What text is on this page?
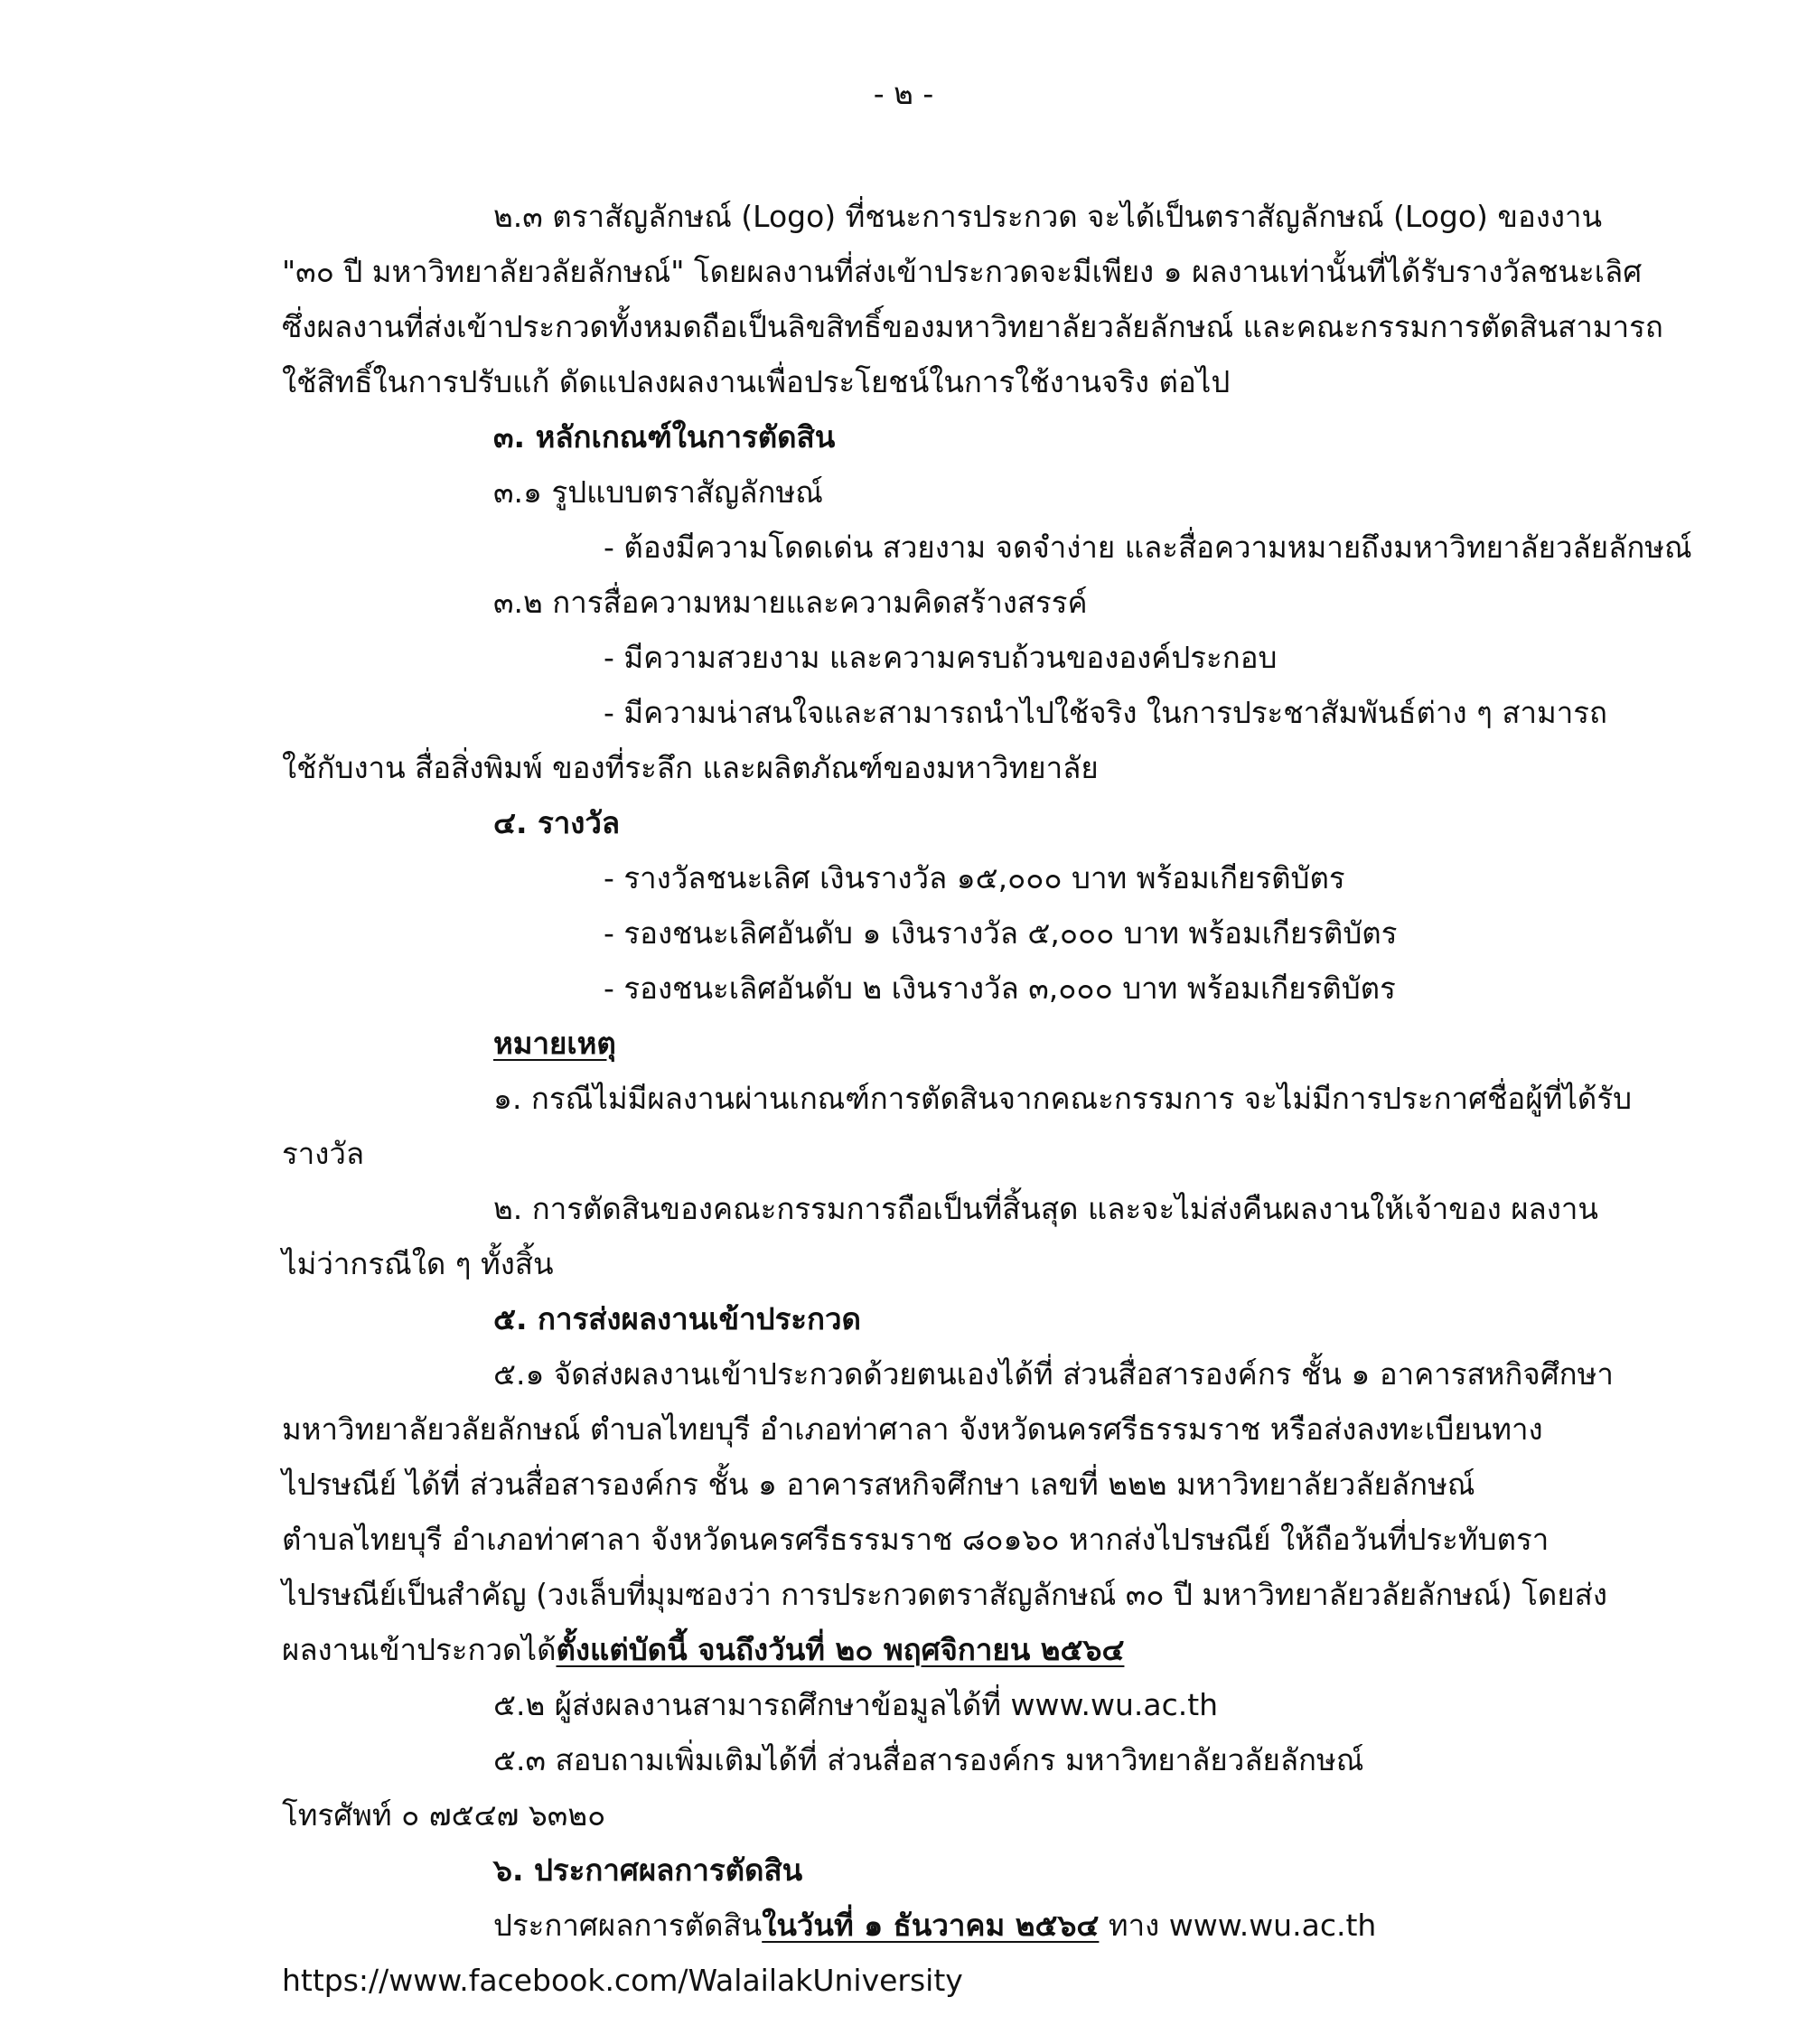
- ๒ -
๒.๓ ตราสัญลักษณ์ (Logo) ที่ชนะการประกวด จะได้เป็นตราสัญลักษณ์ (Logo) ของงาน
"๓๐ ปี มหาวิทยาลัยวลัยลักษณ์" โดยผลงานที่ส่งเข้าประกวดจะมีเพียง ๑ ผลงานเท่านั้นที่ได้รับรางวัลชนะเลิศ
ซึ่งผลงานที่ส่งเข้าประกวดทั้งหมดถือเป็นลิขสิทธิ์ของมหาวิทยาลัยวลัยลักษณ์ และคณะกรรมการตัดสินสามารถ
ใช้สิทธิ์ในการปรับแก้ ดัดแปลงผลงานเพื่อประโยชน์ในการใช้งานจริง ต่อไป
๓. หลักเกณฑ์ในการตัดสิน
๓.๑ รูปแบบตราสัญลักษณ์
- ต้องมีความโดดเด่น สวยงาม จดจำง่าย และสื่อความหมายถึงมหาวิทยาลัยวลัยลักษณ์
๓.๒ การสื่อความหมายและความคิดสร้างสรรค์
- มีความสวยงาม และความครบถ้วนขององค์ประกอบ
- มีความน่าสนใจและสามารถนำไปใช้จริง ในการประชาสัมพันธ์ต่าง ๆ สามารถ
ใช้กับงาน สื่อสิ่งพิมพ์ ของที่ระลึก และผลิตภัณฑ์ของมหาวิทยาลัย
๔. รางวัล
- รางวัลชนะเลิศ เงินรางวัล ๑๕,๐๐๐ บาท พร้อมเกียรติบัตร
- รองชนะเลิศอันดับ ๑ เงินรางวัล ๕,๐๐๐ บาท พร้อมเกียรติบัตร
- รองชนะเลิศอันดับ ๒ เงินรางวัล ๓,๐๐๐ บาท พร้อมเกียรติบัตร
หมายเหตุ
๑. กรณีไม่มีผลงานผ่านเกณฑ์การตัดสินจากคณะกรรมการ จะไม่มีการประกาศชื่อผู้ที่ได้รับ
รางวัล
๒. การตัดสินของคณะกรรมการถือเป็นที่สิ้นสุด และจะไม่ส่งคืนผลงานให้เจ้าของ ผลงาน
ไม่ว่ากรณีใด ๆ ทั้งสิ้น
๕. การส่งผลงานเข้าประกวด
๕.๑ จัดส่งผลงานเข้าประกวดด้วยตนเองได้ที่ ส่วนสื่อสารองค์กร ชั้น ๑ อาคารสหกิจศึกษา
มหาวิทยาลัยวลัยลักษณ์ ตำบลไทยบุรี อำเภอท่าศาลา จังหวัดนครศรีธรรมราช หรือส่งลงทะเบียนทาง
ไปรษณีย์ ได้ที่ ส่วนสื่อสารองค์กร ชั้น ๑ อาคารสหกิจศึกษา เลขที่ ๒๒๒ มหาวิทยาลัยวลัยลักษณ์
ตำบลไทยบุรี อำเภอท่าศาลา จังหวัดนครศรีธรรมราช ๘๐๑๖๐ หากส่งไปรษณีย์ ให้ถือวันที่ประทับตรา
ไปรษณีย์เป็นสำคัญ (วงเล็บที่มุมซองว่า การประกวดตราสัญลักษณ์ ๓๐ ปี มหาวิทยาลัยวลัยลักษณ์) โดยส่ง
ผลงานเข้าประกวดได้ตั้งแต่บัดนี้ จนถึงวันที่ ๒๐ พฤศจิกายน ๒๕๖๔
๕.๒ ผู้ส่งผลงานสามารถศึกษาข้อมูลได้ที่ www.wu.ac.th
๕.๓ สอบถามเพิ่มเติมได้ที่ ส่วนสื่อสารองค์กร มหาวิทยาลัยวลัยลักษณ์
โทรศัพท์ ๐ ๗๕๔๗ ๖๓๒๐
๖. ประกาศผลการตัดสิน
ประกาศผลการตัดสินในวันที่ ๑ ธันวาคม ๒๕๖๔ ทาง www.wu.ac.th
https://www.facebook.com/WalailakUniversity
